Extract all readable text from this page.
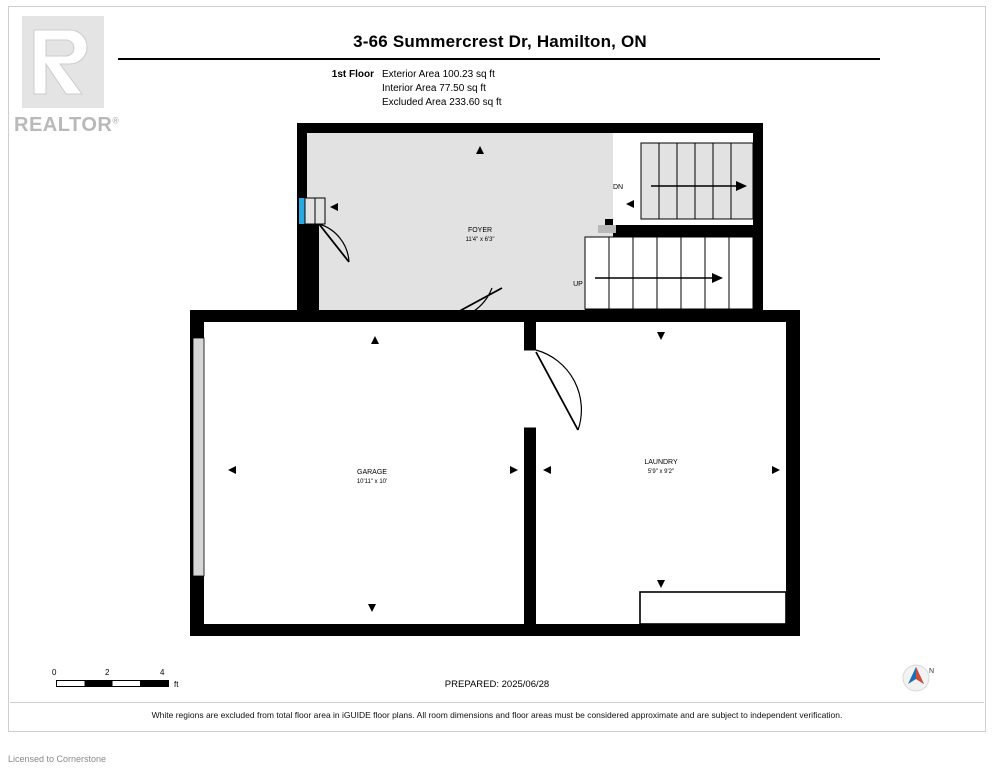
REALTOR®
3-66 Summercrest Dr, Hamilton, ON
1st Floor Exterior Area 100.23 sq ft
Interior Area 77.50 sq ft
Excluded Area 233.60 sq ft
FOYER
11'4" x 6'3"
DN
UP
GARAGE
10'11" x 10'
LAUNDRY
5'9" x 9'2"
0	2	4
ft	PREPARED: 2025/06/28
N
White regions are excluded from total floor area in iGUIDE floor plans. All room dimensions and floor areas must be considered approximate and are subject to independent verification.
Licensed to Cornerstone
